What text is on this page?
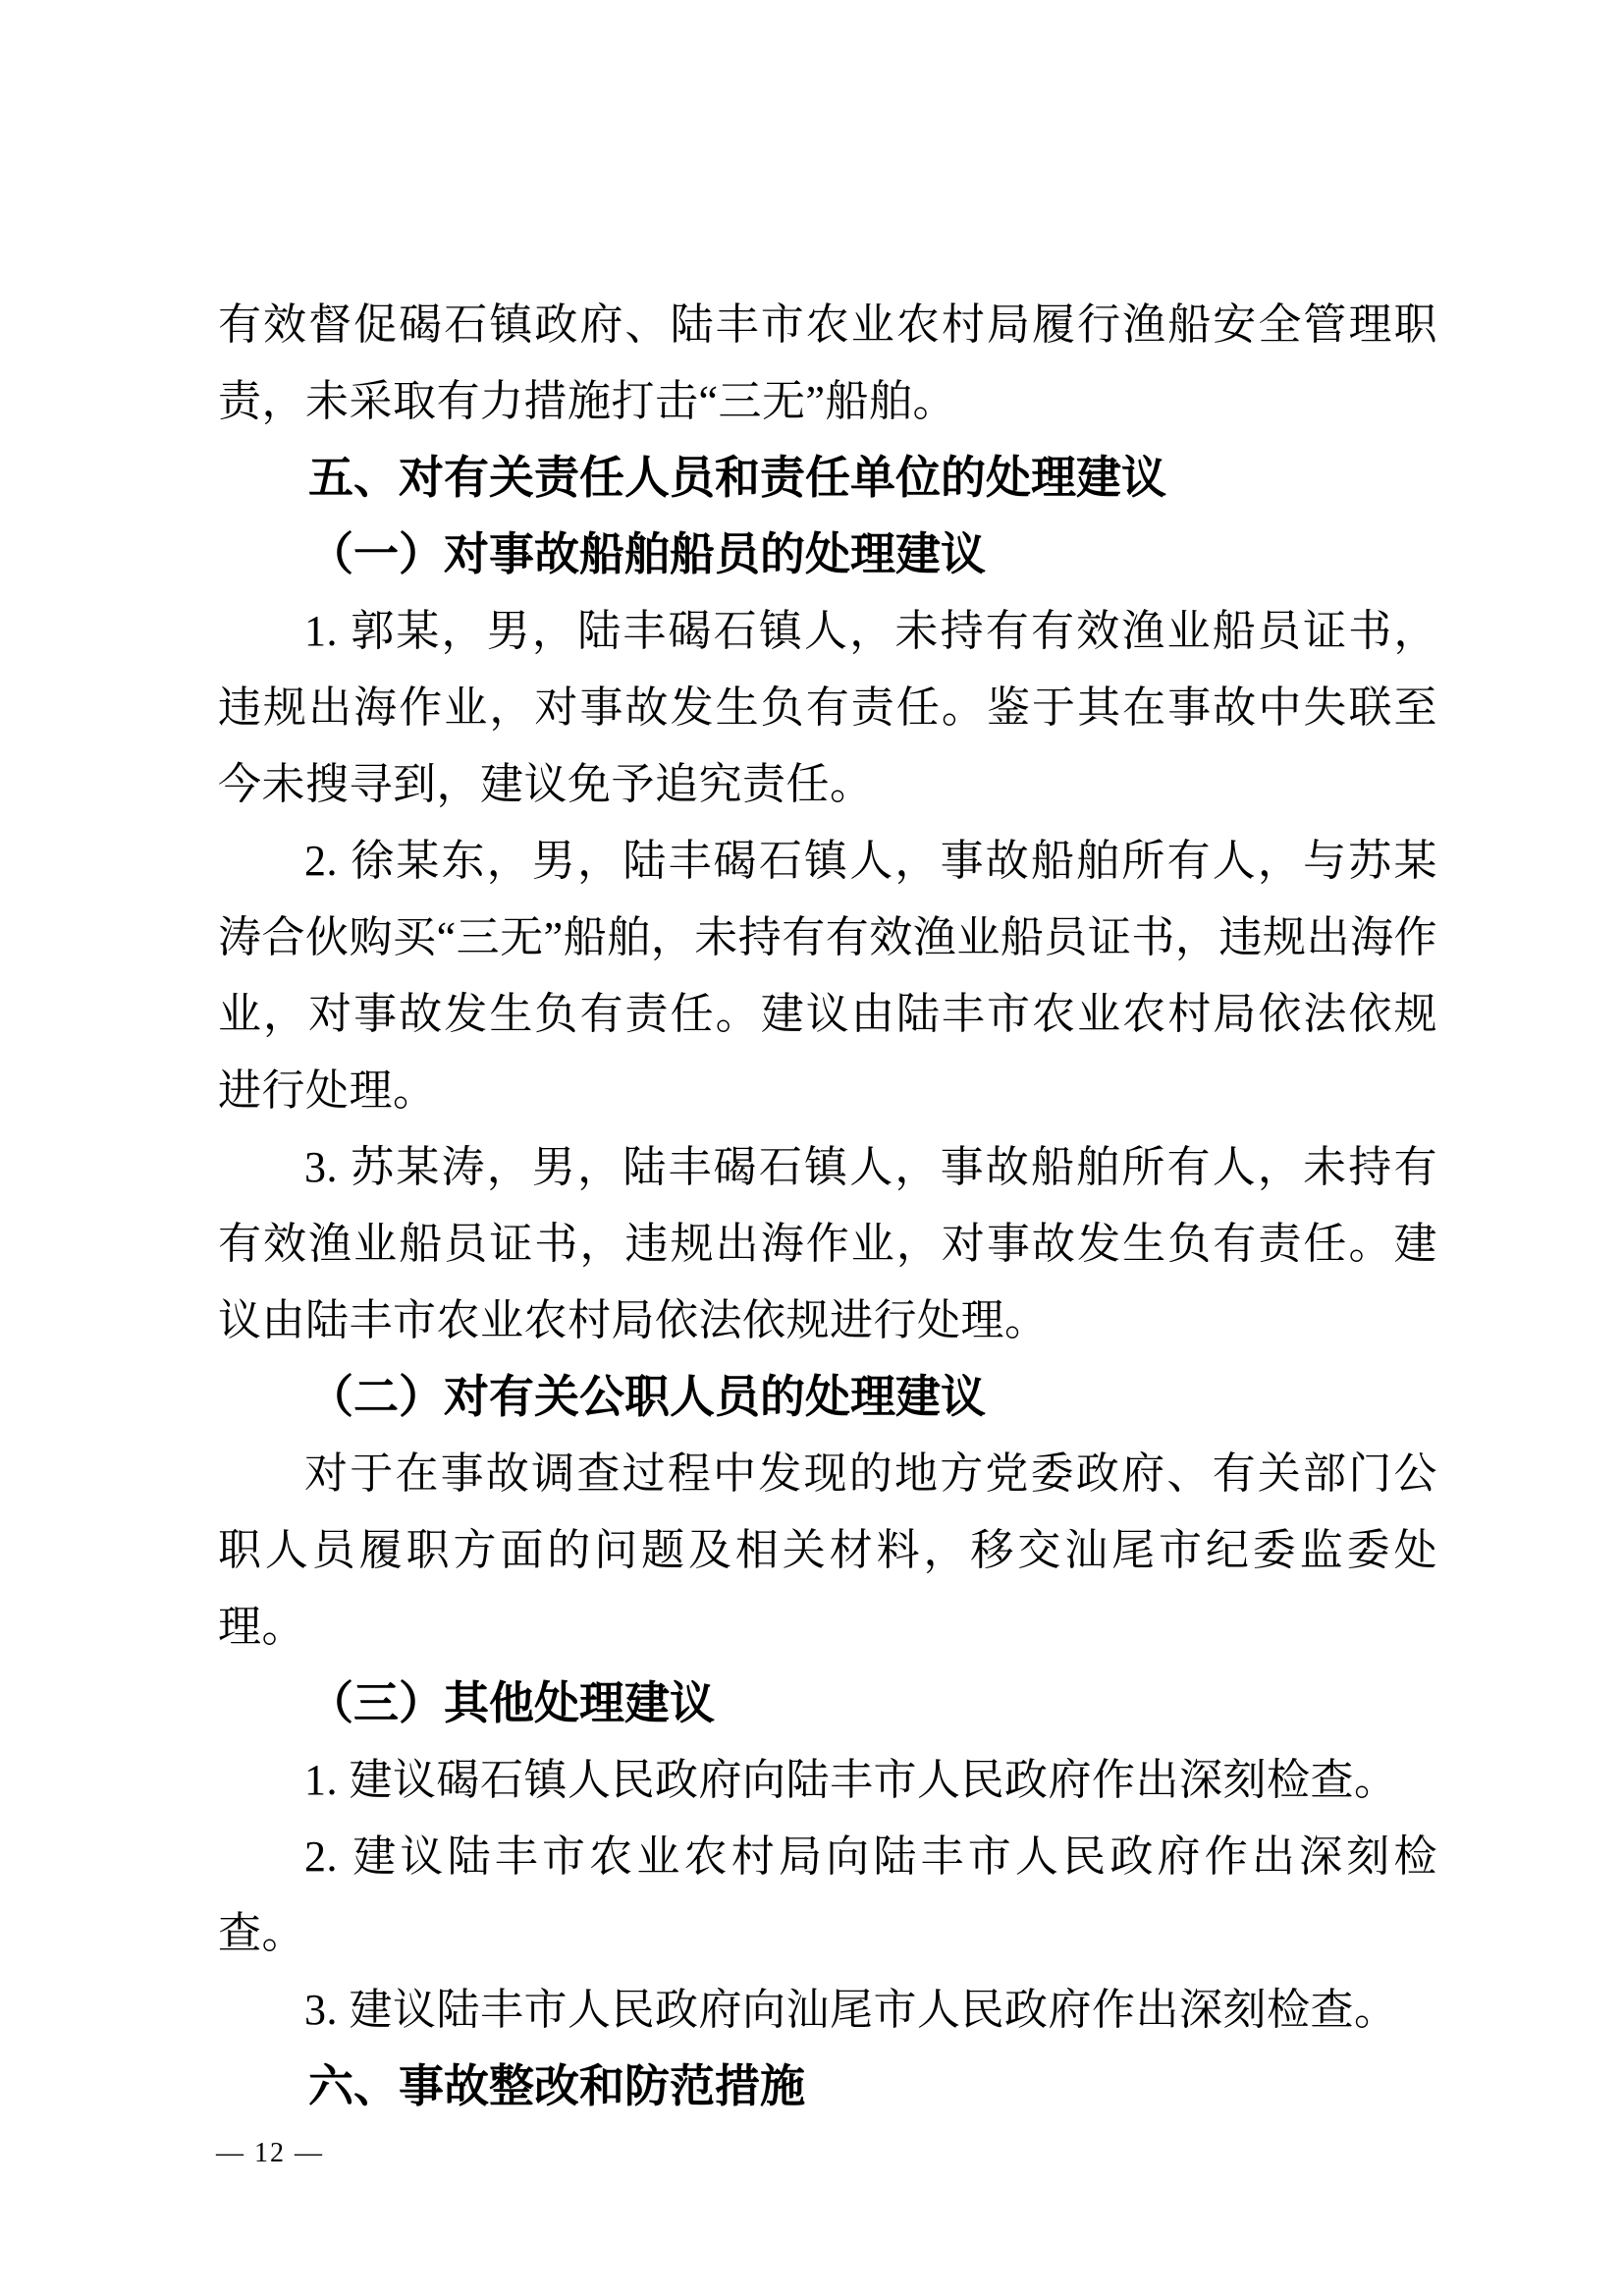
有效督促碣石镇政府、陆丰市农业农村局履行渔船安全管理职责，未采取有力措施打击“三无”船舶。

五、对有关责任人员和责任单位的处理建议

（一）对事故船舶船员的处理建议

1. 郭某，男，陆丰碣石镇人，未持有有效渔业船员证书，违规出海作业，对事故发生负有责任。鉴于其在事故中失联至今未搜寻到，建议免予追究责任。

2. 徐某东，男，陆丰碣石镇人，事故船舶所有人，与苏某涛合伙购买“三无”船舶，未持有有效渔业船员证书，违规出海作业，对事故发生负有责任。建议由陆丰市农业农村局依法依规进行处理。

3. 苏某涛，男，陆丰碣石镇人，事故船舶所有人，未持有有效渔业船员证书，违规出海作业，对事故发生负有责任。建议由陆丰市农业农村局依法依规进行处理。

（二）对有关公职人员的处理建议

对于在事故调查过程中发现的地方党委政府、有关部门公职人员履职方面的问题及相关材料，移交汕尾市纪委监委处理。

（三）其他处理建议

1. 建议碣石镇人民政府向陆丰市人民政府作出深刻检查。

2. 建议陆丰市农业农村局向陆丰市人民政府作出深刻检查。

3. 建议陆丰市人民政府向汕尾市人民政府作出深刻检查。

六、事故整改和防范措施

— 12 —
